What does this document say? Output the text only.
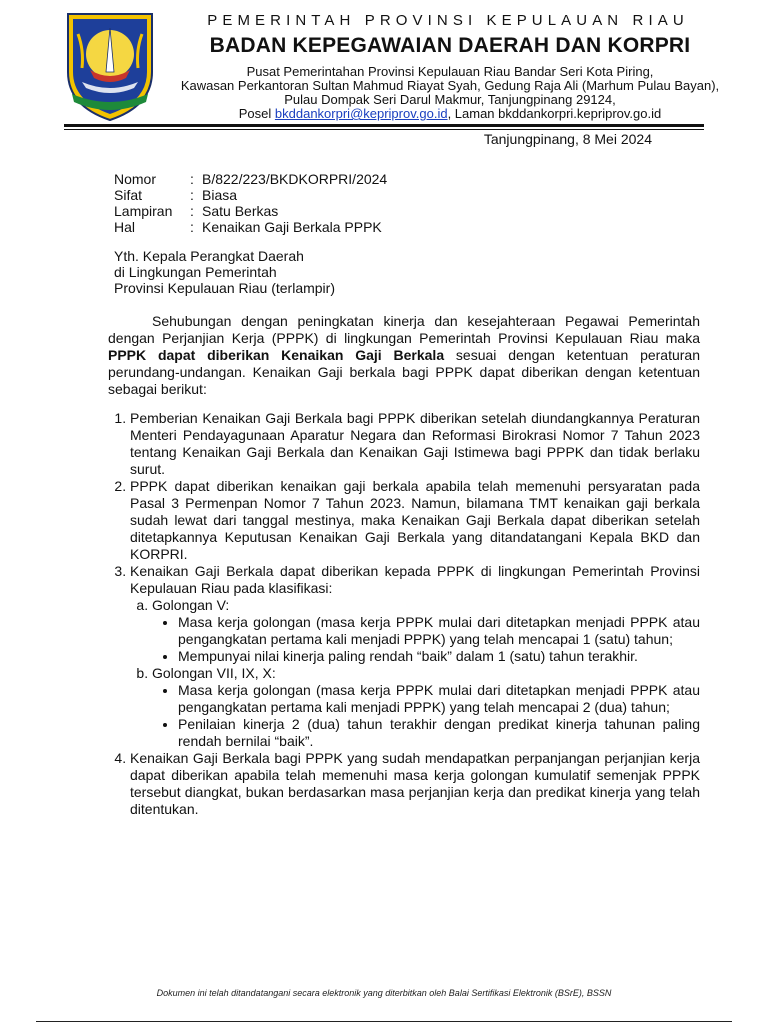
PEMERINTAH PROVINSI KEPULAUAN RIAU
BADAN KEPEGAWAIAN DAERAH DAN KORPRI
Pusat Pemerintahan Provinsi Kepulauan Riau Bandar Seri Kota Piring,
Kawasan Perkantoran Sultan Mahmud Riayat Syah, Gedung Raja Ali (Marhum Pulau Bayan),
Pulau Dompak Seri Darul Makmur, Tanjungpinang 29124,
Posel bkddankorpri@kepriprov.go.id, Laman bkddankorpri.kepriprov.go.id
Tanjungpinang, 8 Mei 2024
Nomor	: B/822/223/BKDKORPRI/2024
Sifat	: Biasa
Lampiran	: Satu Berkas
Hal	: Kenaikan Gaji Berkala PPPK
Yth. Kepala Perangkat Daerah
di Lingkungan Pemerintah
Provinsi Kepulauan Riau (terlampir)

Sehubungan dengan peningkatan kinerja dan kesejahteraan Pegawai Pemerintah dengan Perjanjian Kerja (PPPK) di lingkungan Pemerintah Provinsi Kepulauan Riau maka PPPK dapat diberikan Kenaikan Gaji Berkala sesuai dengan ketentuan peraturan perundang-undangan. Kenaikan Gaji berkala bagi PPPK dapat diberikan dengan ketentuan sebagai berikut:

1. Pemberian Kenaikan Gaji Berkala bagi PPPK diberikan setelah diundangkannya Peraturan Menteri Pendayagunaan Aparatur Negara dan Reformasi Birokrasi Nomor 7 Tahun 2023 tentang Kenaikan Gaji Berkala dan Kenaikan Gaji Istimewa bagi PPPK dan tidak berlaku surut.
2. PPPK dapat diberikan kenaikan gaji berkala apabila telah memenuhi persyaratan pada Pasal 3 Permenpan Nomor 7 Tahun 2023. Namun, bilamana TMT kenaikan gaji berkala sudah lewat dari tanggal mestinya, maka Kenaikan Gaji Berkala dapat diberikan setelah ditetapkannya Keputusan Kenaikan Gaji Berkala yang ditandatangani Kepala BKD dan KORPRI.
3. Kenaikan Gaji Berkala dapat diberikan kepada PPPK di lingkungan Pemerintah Provinsi Kepulauan Riau pada klasifikasi:
a. Golongan V:
• Masa kerja golongan (masa kerja PPPK mulai dari ditetapkan menjadi PPPK atau pengangkatan pertama kali menjadi PPPK) yang telah mencapai 1 (satu) tahun;
• Mempunyai nilai kinerja paling rendah “baik” dalam 1 (satu) tahun terakhir.
b. Golongan VII, IX, X:
• Masa kerja golongan (masa kerja PPPK mulai dari ditetapkan menjadi PPPK atau pengangkatan pertama kali menjadi PPPK) yang telah mencapai 2 (dua) tahun;
• Penilaian kinerja 2 (dua) tahun terakhir dengan predikat kinerja tahunan paling rendah bernilai “baik”.
4. Kenaikan Gaji Berkala bagi PPPK yang sudah mendapatkan perpanjangan perjanjian kerja dapat diberikan apabila telah memenuhi masa kerja golongan kumulatif semenjak PPPK tersebut diangkat, bukan berdasarkan masa perjanjian kerja dan predikat kinerja yang telah ditentukan.
Dokumen ini telah ditandatangani secara elektronik yang diterbitkan oleh Balai Sertifikasi Elektronik (BSrE), BSSN
